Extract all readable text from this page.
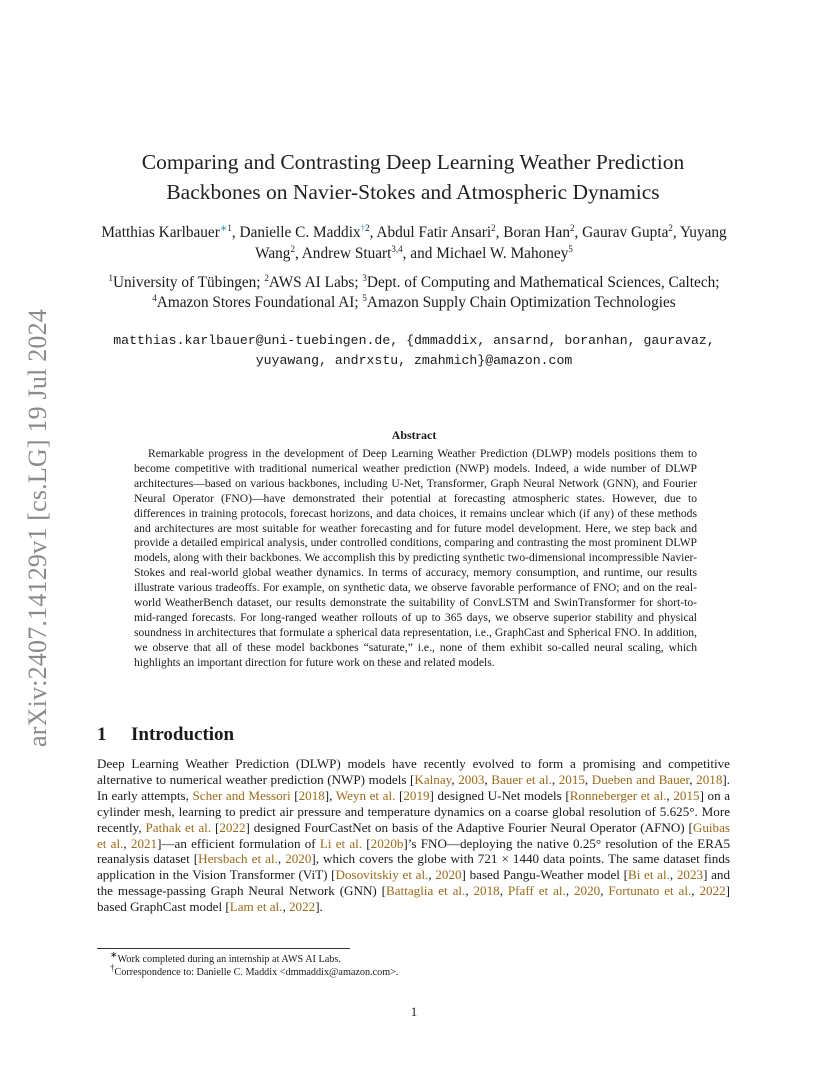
arXiv:2407.14129v1 [cs.LG] 19 Jul 2024
Comparing and Contrasting Deep Learning Weather Prediction
Backbones on Navier-Stokes and Atmospheric Dynamics
Matthias Karlbauer$^{∗1}$, Danielle C. Maddix$^{\dagger 2}$, Abdul Fatir Ansari$^2$, Boran Han$^2$, Gaurav Gupta$^2$, Yuyang Wang$^2$, Andrew Stuart$^{3,4}$, and Michael W. Mahoney$^5$
$^1$University of Tübingen; $^2$AWS AI Labs; $^3$Dept. of Computing and Mathematical Sciences, Caltech; $^4$Amazon Stores Foundational AI; $^5$Amazon Supply Chain Optimization Technologies
matthias.karlbauer@uni-tuebingen.de, {dmmaddix, ansarnd, boranhan, gauravaz,
yuyawang, andrxstu, zmahmich}@amazon.com
Abstract
Remarkable progress in the development of Deep Learning Weather Prediction (DLWP) models positions them to become competitive with traditional numerical weather prediction (NWP) models. Indeed, a wide number of DLWP architectures—based on various backbones, including U-Net, Transformer, Graph Neural Network (GNN), and Fourier Neural Operator (FNO)—have demonstrated their potential at forecasting atmospheric states. However, due to differences in training protocols, forecast horizons, and data choices, it remains unclear which (if any) of these methods and architectures are most suitable for weather forecasting and for future model development. Here, we step back and provide a detailed empirical analysis, under controlled conditions, comparing and contrasting the most prominent DLWP models, along with their backbones. We accomplish this by predicting synthetic two-dimensional incompressible Navier-Stokes and real-world global weather dynamics. In terms of accuracy, memory consumption, and runtime, our results illustrate various tradeoffs. For example, on synthetic data, we observe favorable performance of FNO; and on the real-world WeatherBench dataset, our results demonstrate the suitability of ConvLSTM and SwinTransformer for short-to-mid-ranged forecasts. For long-ranged weather rollouts of up to 365 days, we observe superior stability and physical soundness in architectures that formulate a spherical data representation, i.e., GraphCast and Spherical FNO. In addition, we observe that all of these model backbones “saturate,” i.e., none of them exhibit so-called neural scaling, which highlights an important direction for future work on these and related models.
1 Introduction
Deep Learning Weather Prediction (DLWP) models have recently evolved to form a promising and competitive alternative to numerical weather prediction (NWP) models [Kalnay, 2003, Bauer et al., 2015, Dueben and Bauer, 2018]. In early attempts, Scher and Messori [2018], Weyn et al. [2019] designed U-Net models [Ronneberger et al., 2015] on a cylinder mesh, learning to predict air pressure and temperature dynamics on a coarse global resolution of 5.625°. More recently, Pathak et al. [2022] designed FourCastNet on basis of the Adaptive Fourier Neural Operator (AFNO) [Guibas et al., 2021]—an efficient formulation of Li et al. [2020b]’s FNO—deploying the native 0.25° resolution of the ERA5 reanalysis dataset [Hersbach et al., 2020], which covers the globe with 721 × 1440 data points. The same dataset finds application in the Vision Transformer (ViT) [Dosovitskiy et al., 2020] based Pangu-Weather model [Bi et al., 2023] and the message-passing Graph Neural Network (GNN) [Battaglia et al., 2018, Pfaff et al., 2020, Fortunato et al., 2022] based GraphCast model [Lam et al., 2022].
∗Work completed during an internship at AWS AI Labs.
†Correspondence to: Danielle C. Maddix <dmmaddix@amazon.com>.
1
